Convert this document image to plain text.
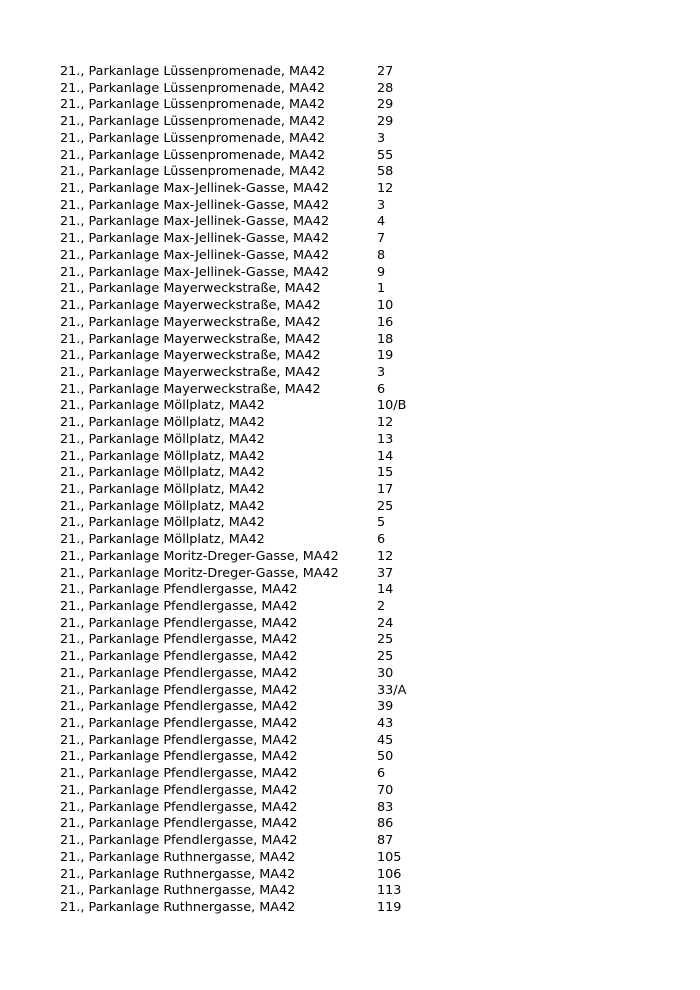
21., Parkanlage Lüssenpromenade, MA42	27
21., Parkanlage Lüssenpromenade, MA42	28
21., Parkanlage Lüssenpromenade, MA42	29
21., Parkanlage Lüssenpromenade, MA42	29
21., Parkanlage Lüssenpromenade, MA42	3
21., Parkanlage Lüssenpromenade, MA42	55
21., Parkanlage Lüssenpromenade, MA42	58
21., Parkanlage Max-Jellinek-Gasse, MA42	12
21., Parkanlage Max-Jellinek-Gasse, MA42	3
21., Parkanlage Max-Jellinek-Gasse, MA42	4
21., Parkanlage Max-Jellinek-Gasse, MA42	7
21., Parkanlage Max-Jellinek-Gasse, MA42	8
21., Parkanlage Max-Jellinek-Gasse, MA42	9
21., Parkanlage Mayerweckstraße, MA42	1
21., Parkanlage Mayerweckstraße, MA42	10
21., Parkanlage Mayerweckstraße, MA42	16
21., Parkanlage Mayerweckstraße, MA42	18
21., Parkanlage Mayerweckstraße, MA42	19
21., Parkanlage Mayerweckstraße, MA42	3
21., Parkanlage Mayerweckstraße, MA42	6
21., Parkanlage Möllplatz, MA42	10/B
21., Parkanlage Möllplatz, MA42	12
21., Parkanlage Möllplatz, MA42	13
21., Parkanlage Möllplatz, MA42	14
21., Parkanlage Möllplatz, MA42	15
21., Parkanlage Möllplatz, MA42	17
21., Parkanlage Möllplatz, MA42	25
21., Parkanlage Möllplatz, MA42	5
21., Parkanlage Möllplatz, MA42	6
21., Parkanlage Moritz-Dreger-Gasse, MA42	12
21., Parkanlage Moritz-Dreger-Gasse, MA42	37
21., Parkanlage Pfendlergasse, MA42	14
21., Parkanlage Pfendlergasse, MA42	2
21., Parkanlage Pfendlergasse, MA42	24
21., Parkanlage Pfendlergasse, MA42	25
21., Parkanlage Pfendlergasse, MA42	25
21., Parkanlage Pfendlergasse, MA42	30
21., Parkanlage Pfendlergasse, MA42	33/A
21., Parkanlage Pfendlergasse, MA42	39
21., Parkanlage Pfendlergasse, MA42	43
21., Parkanlage Pfendlergasse, MA42	45
21., Parkanlage Pfendlergasse, MA42	50
21., Parkanlage Pfendlergasse, MA42	6
21., Parkanlage Pfendlergasse, MA42	70
21., Parkanlage Pfendlergasse, MA42	83
21., Parkanlage Pfendlergasse, MA42	86
21., Parkanlage Pfendlergasse, MA42	87
21., Parkanlage Ruthnergasse, MA42	105
21., Parkanlage Ruthnergasse, MA42	106
21., Parkanlage Ruthnergasse, MA42	113
21., Parkanlage Ruthnergasse, MA42	119
